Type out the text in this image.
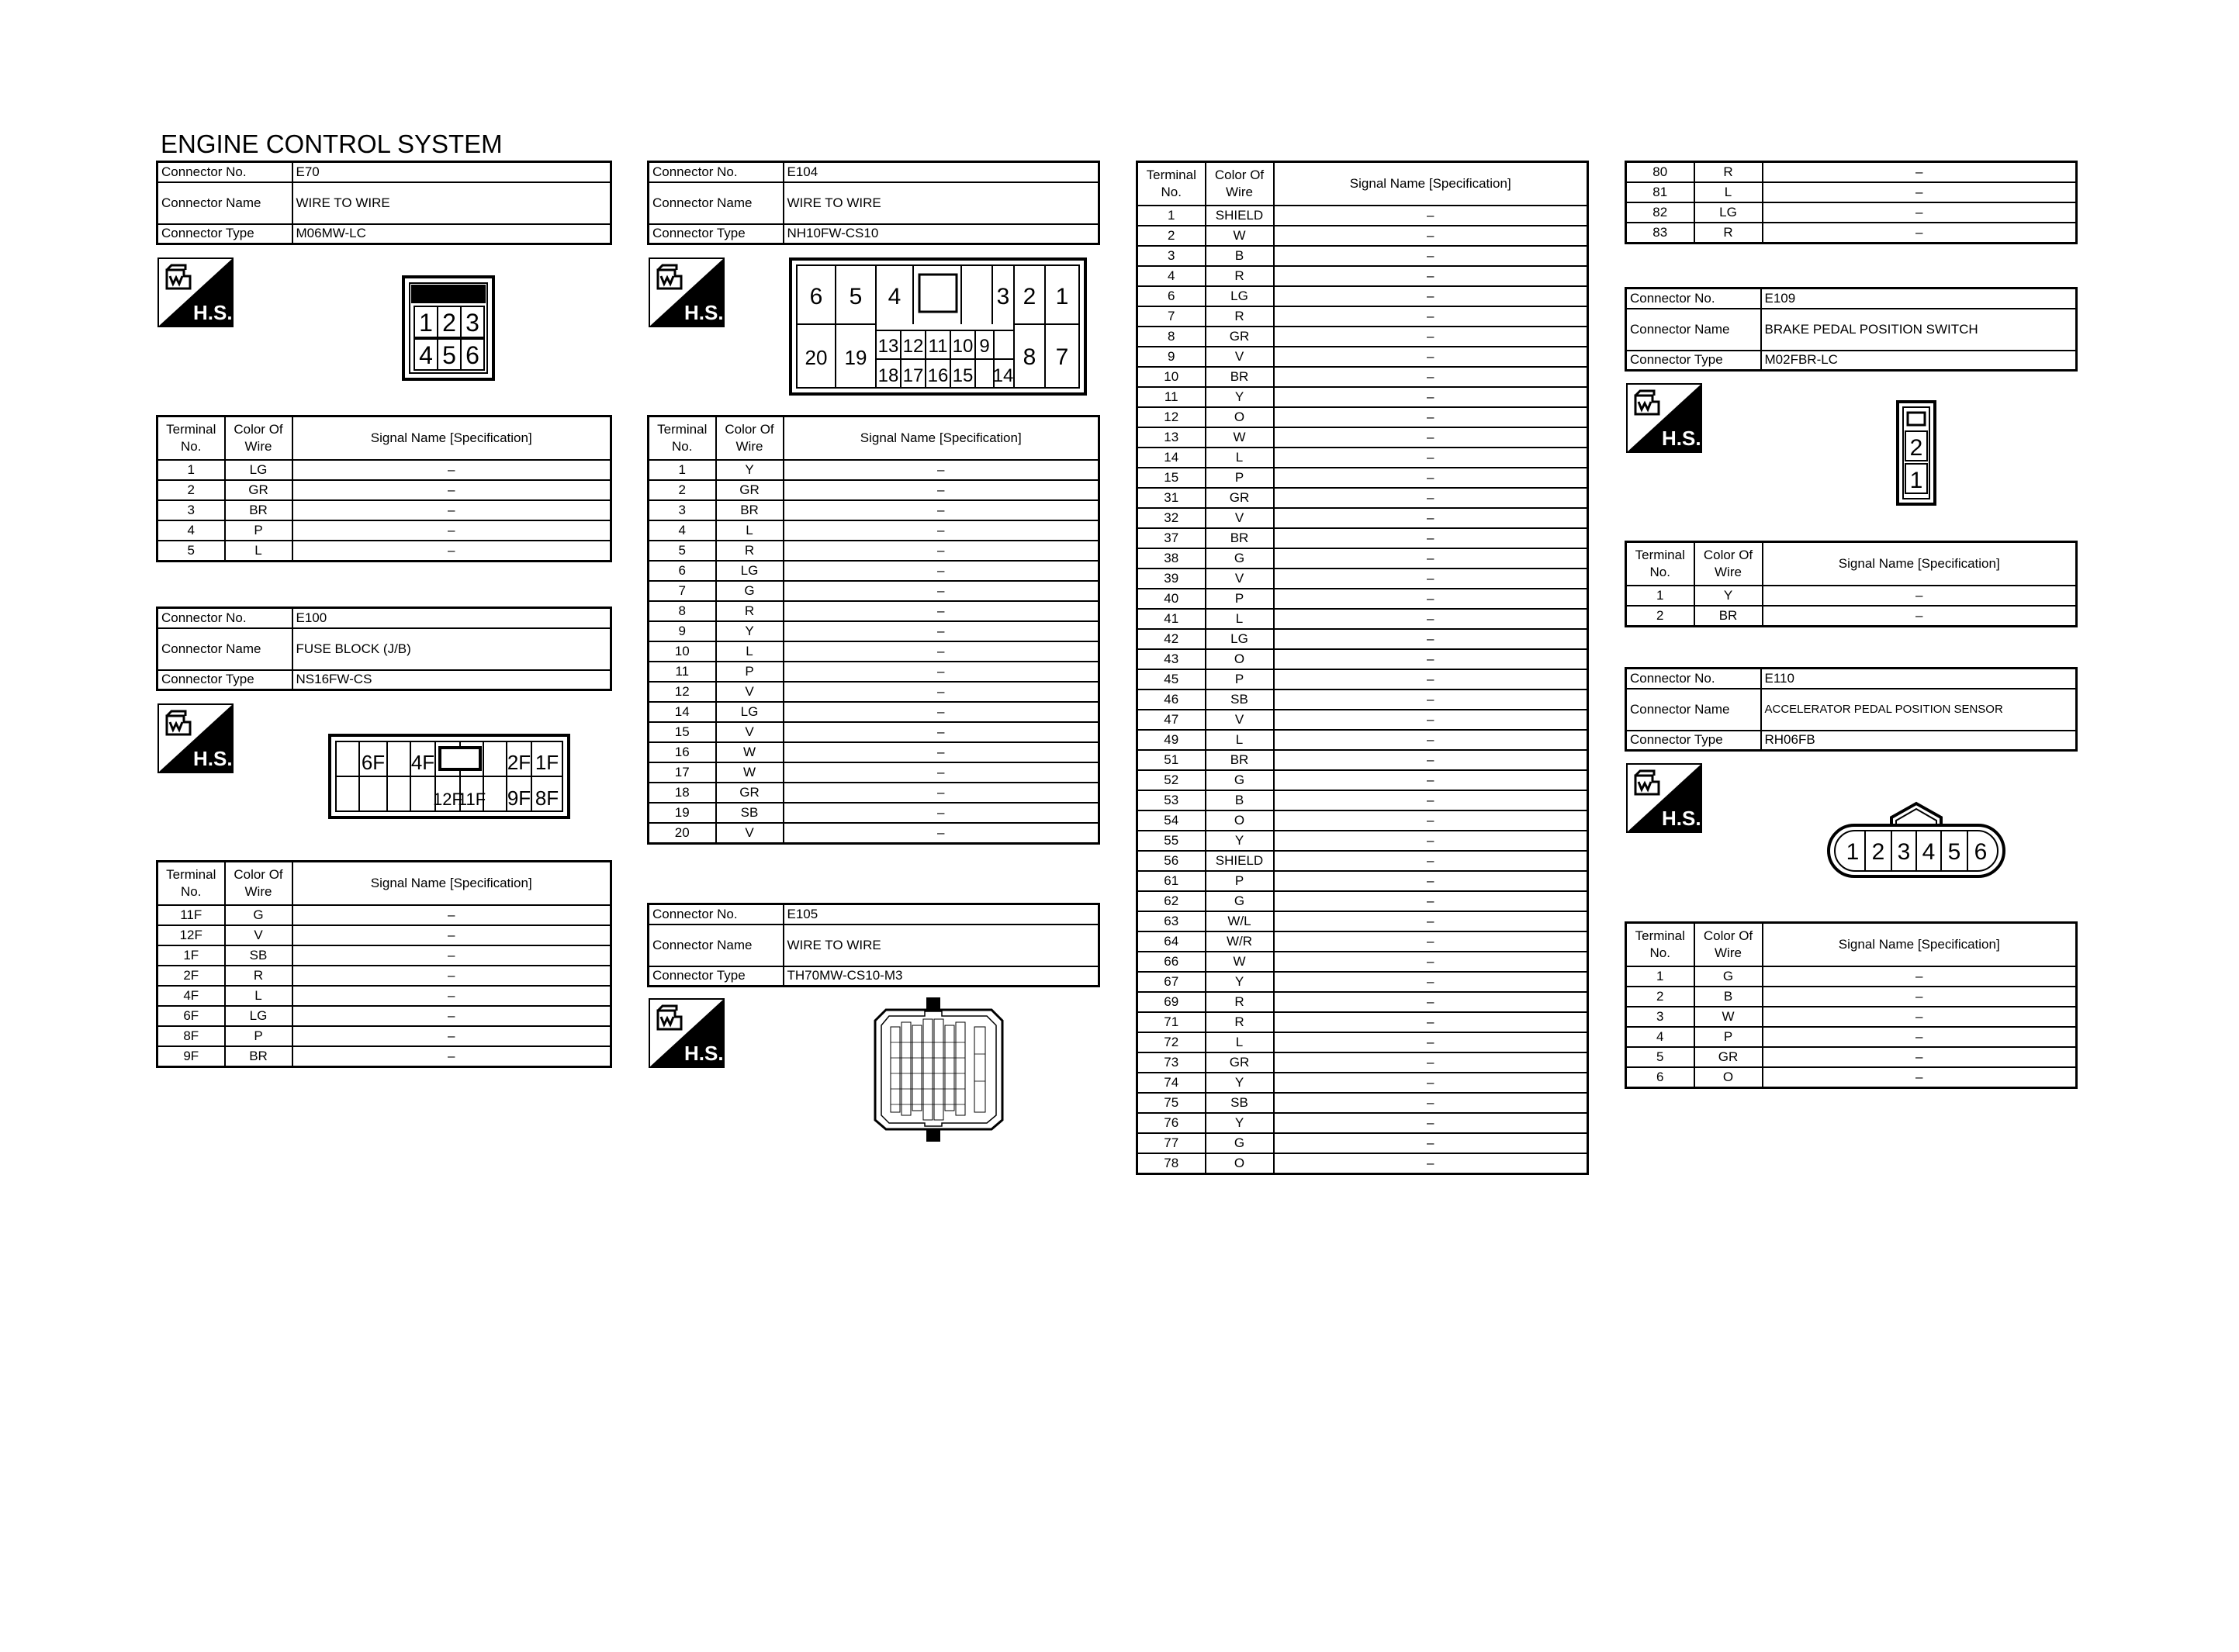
ENGINE CONTROL SYSTEM
Connector No.	E70
Connector Name	WIRE TO WIRE
Connector Type	M06MW-LC
H.S.	1 2 3
4 5 6
Terminal No.	Color Of Wire	Signal Name [Specification]
1	LG	–
2	GR	–
3	BR	–
4	P	–
5	L	–
Connector No.	E100
Connector Name	FUSE BLOCK (J/B)
Connector Type	NS16FW-CS
H.S.	6F 4F	2F 1F
12F
11F 9F 8F
Terminal No.	Color Of Wire	Signal Name [Specification]
11F	G	–
12F	V	–
1F	SB	–
2F	R	–
4F	L	–
6F	LG	–
8F	P	–
9F	BR	–
Connector No.	E104
Connector Name	WIRE TO WIRE
Connector Type	NH10FW-CS10
H.S.
6 5 4	3 2 1
20 19 13 12 11 10 9
18 17 16 15 14
8 7
Terminal No.	Color Of Wire	Signal Name [Specification]
1	Y	–
2	GR	–
3	BR	–
4	L	–
5	R	–
6	LG	–
7	G	–
8	R	–
9	Y	–
10	L	–
11	P	–
12	V	–
14	LG	–
15	V	–
16	W	–
17	W	–
18	GR	–
19	SB	–
20	V	–
Connector No.	E105
Connector Name	WIRE TO WIRE
Connector Type	TH70MW-CS10-M3
H.S.
Terminal No.	Color Of Wire	Signal Name [Specification]
1	SHIELD	–
2	W	–
3	B	–
4	R	–
6	LG	–
7	R	–
8	GR	–
9	V	–
10	BR	–
11	Y	–
12	O	–
13	W	–
14	L	–
15	P	–
31	GR	–
32	V	–
37	BR	–
38	G	–
39	V	–
40	P	–
41	L	–
42	LG	–
43	O	–
45	P	–
46	SB	–
47	V	–
49	L	–
51	BR	–
52	G	–
53	B	–
54	O	–
55	Y	–
56	SHIELD	–
61	P	–
62	G	–
63	W/L	–
64	W/R	–
66	W	–
67	Y	–
69	R	–
71	R	–
72	L	–
73	GR	–
74	Y	–
75	SB	–
76	Y	–
77	G	–
78	O	–
80	R	–
81	L	–
82	LG	–
83	R	–
Connector No.	E109
Connector Name	BRAKE PEDAL POSITION SWITCH
Connector Type	M02FBR-LC
H.S.	2
1
Terminal No.	Color Of Wire	Signal Name [Specification]
1	Y	–
2	BR	–
Connector No.	E110
Connector Name	ACCELERATOR PEDAL POSITION SENSOR
Connector Type	RH06FB
H.S.
1 2 3 4 5 6
Terminal No.	Color Of Wire	Signal Name [Specification]
1	G	–
2	B	–
3	W	–
4	P	–
5	GR	–
6	O	–
